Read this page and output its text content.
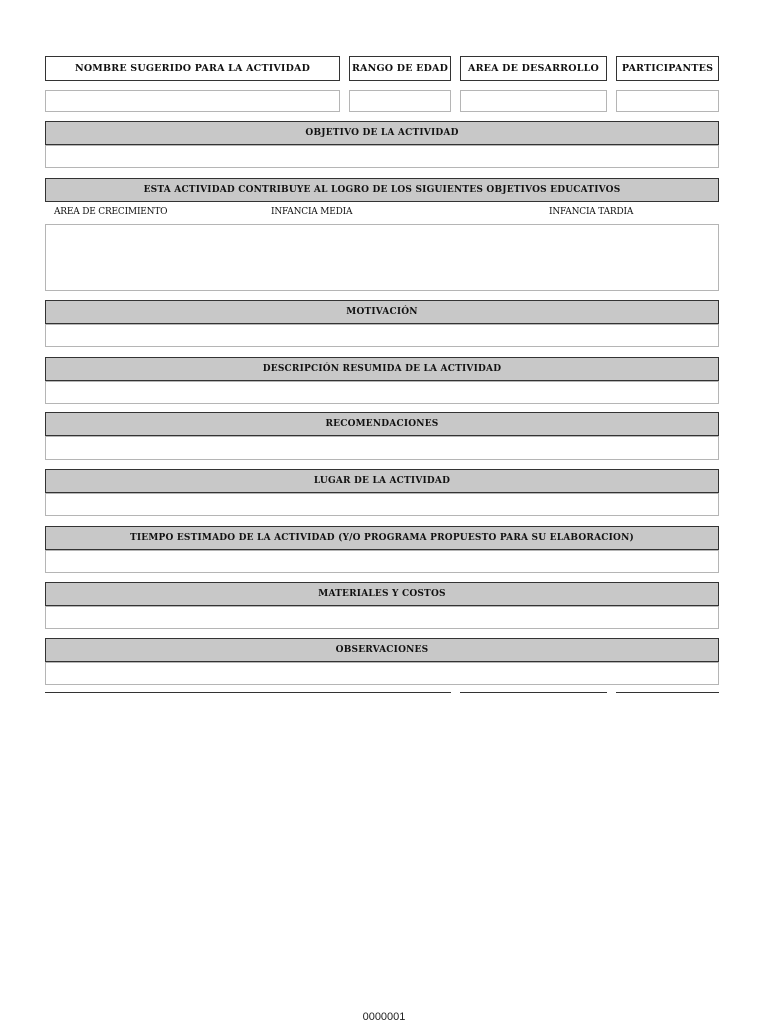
NOMBRE SUGERIDO PARA LA ACTIVIDAD	RANGO DE EDAD	AREA DE DESARROLLO	PARTICIPANTES
OBJETIVO DE LA ACTIVIDAD
ESTA ACTIVIDAD CONTRIBUYE AL LOGRO DE LOS SIGUIENTES OBJETIVOS EDUCATIVOS
AREA DE CRECIMIENTO	INFANCIA MEDIA	INFANCIA TARDIA
MOTIVACIÓN
DESCRIPCIÓN RESUMIDA DE LA ACTIVIDAD
RECOMENDACIONES
LUGAR DE LA ACTIVIDAD
TIEMPO ESTIMADO DE LA ACTIVIDAD (Y/O PROGRAMA PROPUESTO PARA SU ELABORACION)
MATERIALES Y COSTOS
OBSERVACIONES
0000001
